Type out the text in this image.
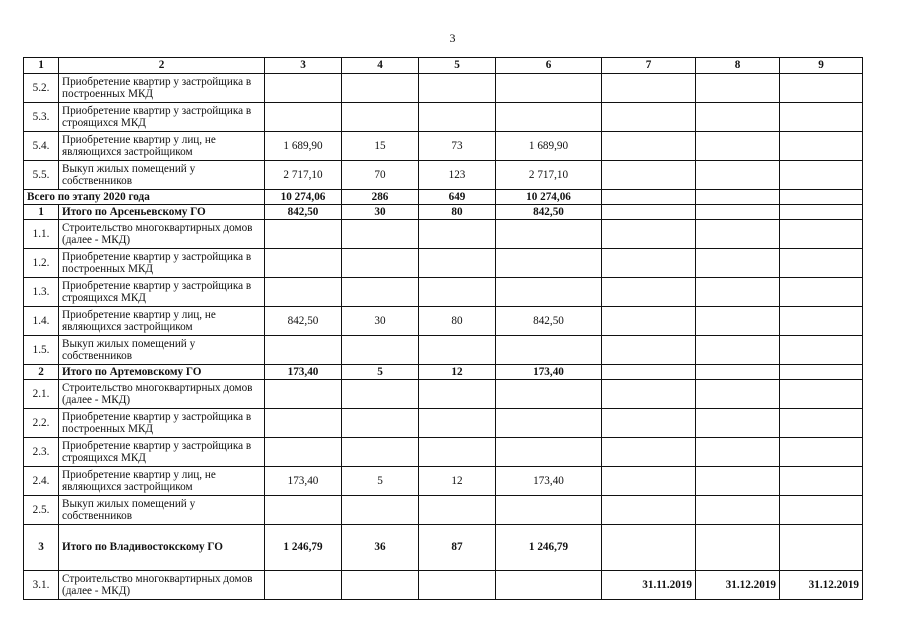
3
1	2	3	4	5	6	7	8	9
5.2.	Приобретение квартир у застройщика в построенных МКД							
5.3.	Приобретение квартир у застройщика в строящихся МКД							
5.4.	Приобретение квартир у лиц, не являющихся застройщиком	1 689,90	15	73	1 689,90			
5.5.	Выкуп жилых помещений у собственников	2 717,10	70	123	2 717,10			
Всего по этапу 2020 года		10 274,06	286	649	10 274,06			
1	Итого по Арсеньевскому ГО	842,50	30	80	842,50			
1.1.	Строительство многоквартирных домов (далее - МКД)							
1.2.	Приобретение квартир у застройщика в построенных МКД							
1.3.	Приобретение квартир у застройщика в строящихся МКД							
1.4.	Приобретение квартир у лиц, не являющихся застройщиком	842,50	30	80	842,50			
1.5.	Выкуп жилых помещений у собственников							
2	Итого по Артемовскому ГО	173,40	5	12	173,40			
2.1.	Строительство многоквартирных домов (далее - МКД)							
2.2.	Приобретение квартир у застройщика в построенных МКД							
2.3.	Приобретение квартир у застройщика в строящихся МКД							
2.4.	Приобретение квартир у лиц, не являющихся застройщиком	173,40	5	12	173,40			
2.5.	Выкуп жилых помещений у собственников							
3	Итого по Владивостокскому ГО	1 246,79	36	87	1 246,79			
3.1.	Строительство многоквартирных домов (далее - МКД)					31.11.2019	31.12.2019	31.12.2019
